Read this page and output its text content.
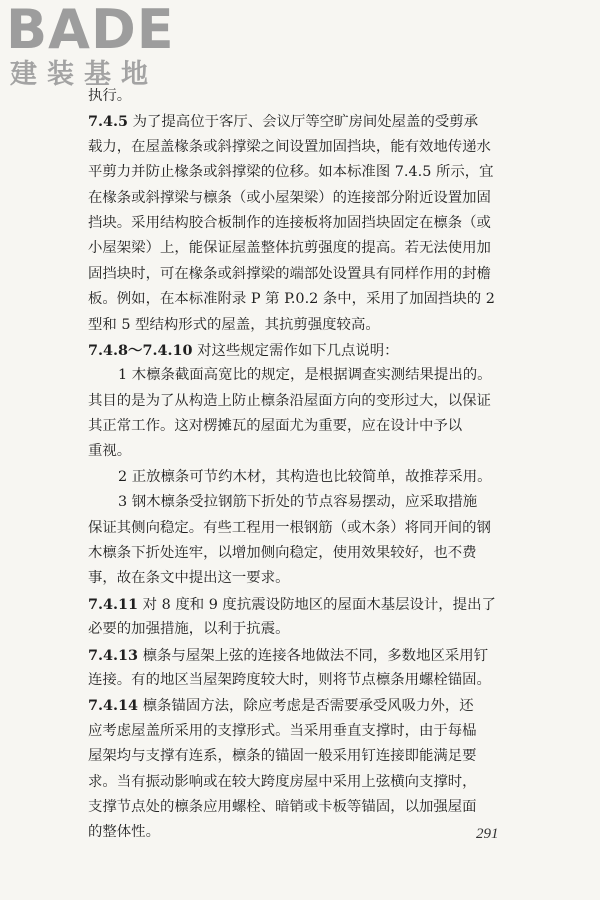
BADE
建装基地
执行。
7.4.5 为了提高位于客厅、会议厅等空旷房间处屋盖的受剪承
载力，在屋盖椽条或斜撑梁之间设置加固挡块，能有效地传递水
平剪力并防止椽条或斜撑梁的位移。如本标准图 7.4.5 所示，宜
在椽条或斜撑梁与檩条（或小屋架梁）的连接部分附近设置加固
挡块。采用结构胶合板制作的连接板将加固挡块固定在檩条（或
小屋架梁）上，能保证屋盖整体抗剪强度的提高。若无法使用加
固挡块时，可在椽条或斜撑梁的端部处设置具有同样作用的封檐
板。例如，在本标准附录 P 第 P.0.2 条中，采用了加固挡块的 2
型和 5 型结构形式的屋盖，其抗剪强度较高。
7.4.8～7.4.10 对这些规定需作如下几点说明：
1 木檩条截面高宽比的规定，是根据调查实测结果提出的。
其目的是为了从构造上防止檩条沿屋面方向的变形过大，以保证
其正常工作。这对楞摊瓦的屋面尤为重要，应在设计中予以
重视。
2 正放檩条可节约木材，其构造也比较简单，故推荐采用。
3 钢木檩条受拉钢筋下折处的节点容易摆动，应采取措施
保证其侧向稳定。有些工程用一根钢筋（或木条）将同开间的钢
木檩条下折处连牢，以增加侧向稳定，使用效果较好，也不费
事，故在条文中提出这一要求。
7.4.11 对 8 度和 9 度抗震设防地区的屋面木基层设计，提出了
必要的加强措施，以利于抗震。
7.4.13 檩条与屋架上弦的连接各地做法不同，多数地区采用钉
连接。有的地区当屋架跨度较大时，则将节点檩条用螺栓锚固。
7.4.14 檩条锚固方法，除应考虑是否需要承受风吸力外，还
应考虑屋盖所采用的支撑形式。当采用垂直支撑时，由于每榀
屋架均与支撑有连系，檩条的锚固一般采用钉连接即能满足要
求。当有振动影响或在较大跨度房屋中采用上弦横向支撑时，
支撑节点处的檩条应用螺栓、暗销或卡板等锚固，以加强屋面
的整体性。	291
